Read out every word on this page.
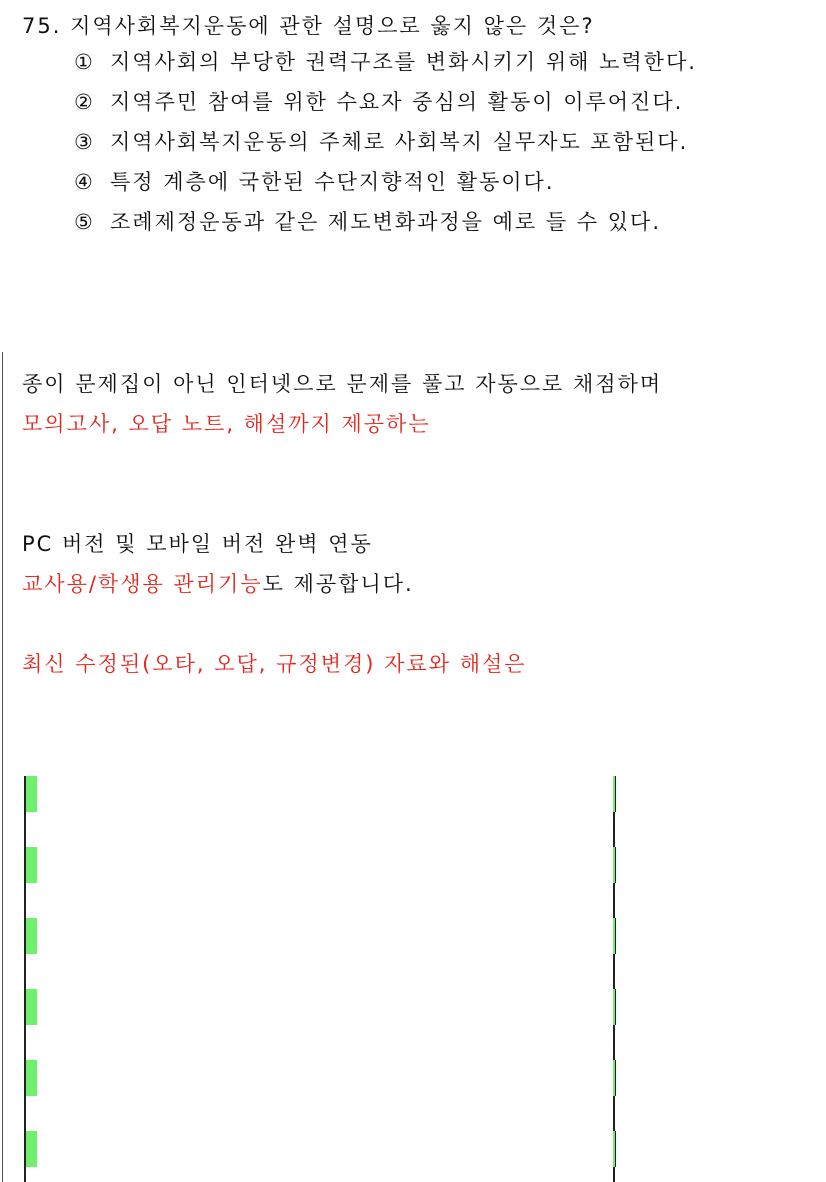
75. 지역사회복지운동에 관한 설명으로 옳지 않은 것은?
① 지역사회의 부당한 권력구조를 변화시키기 위해 노력한다.
② 지역주민 참여를 위한 수요자 중심의 활동이 이루어진다.
③ 지역사회복지운동의 주체로 사회복지 실무자도 포함된다.
④ 특정 계층에 국한된 수단지향적인 활동이다.
⑤ 조례제정운동과 같은 제도변화과정을 예로 들 수 있다.
종이 문제집이 아닌 인터넷으로 문제를 풀고 자동으로 채점하며
모의고사, 오답 노트, 해설까지 제공하는
PC 버전 및 모바일 버전 완벽 연동
교사용/학생용 관리기능도 제공합니다.
최신 수정된(오타, 오답, 규정변경) 자료와 해설은
